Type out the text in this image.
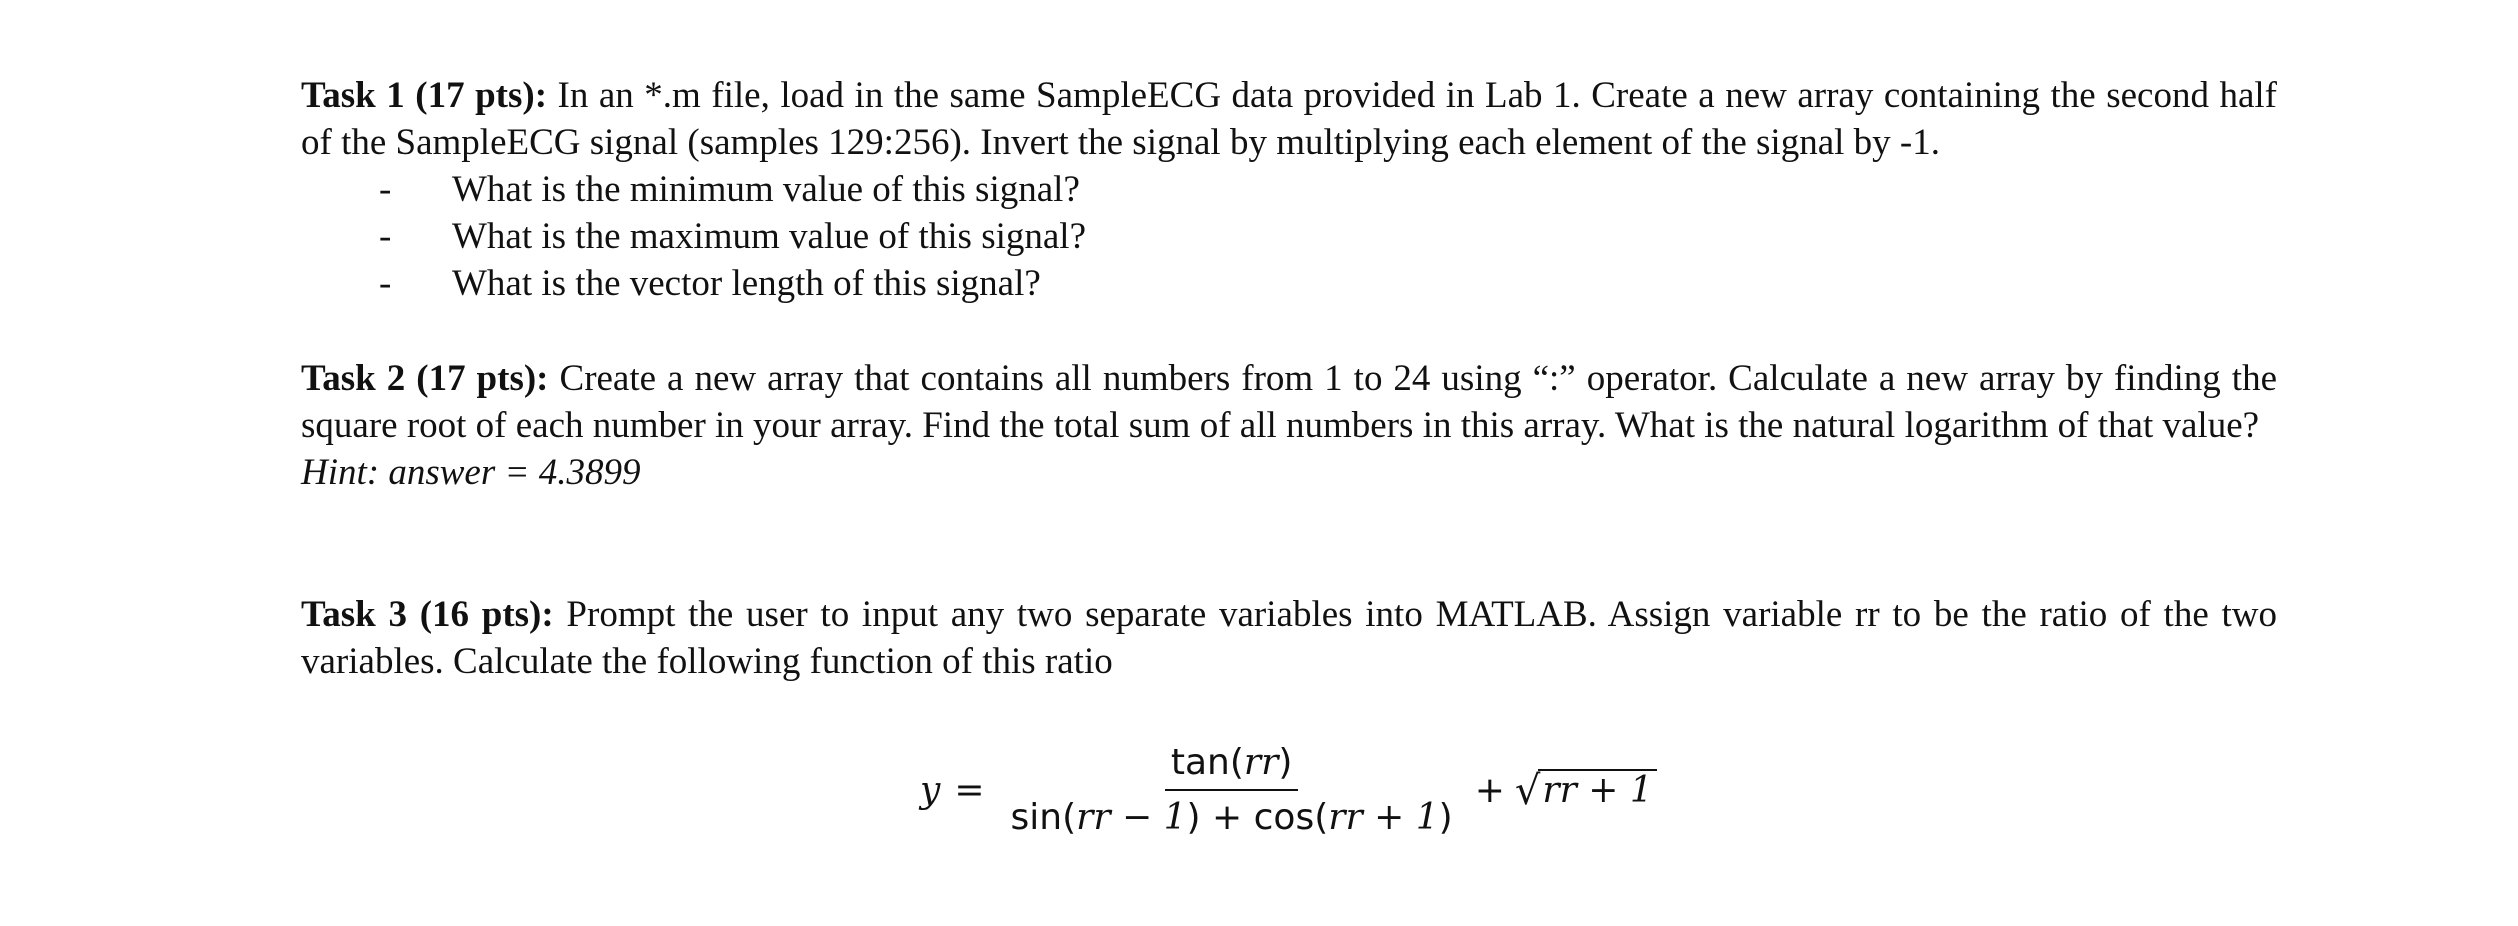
Task 1 (17 pts): In an *.m file, load in the same SampleECG data provided in Lab 1. Create a new array containing the second half of the SampleECG signal (samples 129:256). Invert the signal by multiplying each element of the signal by -1.

- What is the minimum value of this signal?
- What is the maximum value of this signal?
- What is the vector length of this signal?

Task 2 (17 pts): Create a new array that contains all numbers from 1 to 24 using “:” operator. Calculate a new array by finding the square root of each number in your array. Find the total sum of all numbers in this array. What is the natural logarithm of that value?

Hint: answer = 4.3899

Task 3 (16 pts): Prompt the user to input any two separate variables into MATLAB. Assign variable rr to be the ratio of the two variables. Calculate the following function of this ratio

$y = \frac{\tan(rr)}{\sin(rr - 1) + \cos(rr + 1)}$ + √ rr + 1
